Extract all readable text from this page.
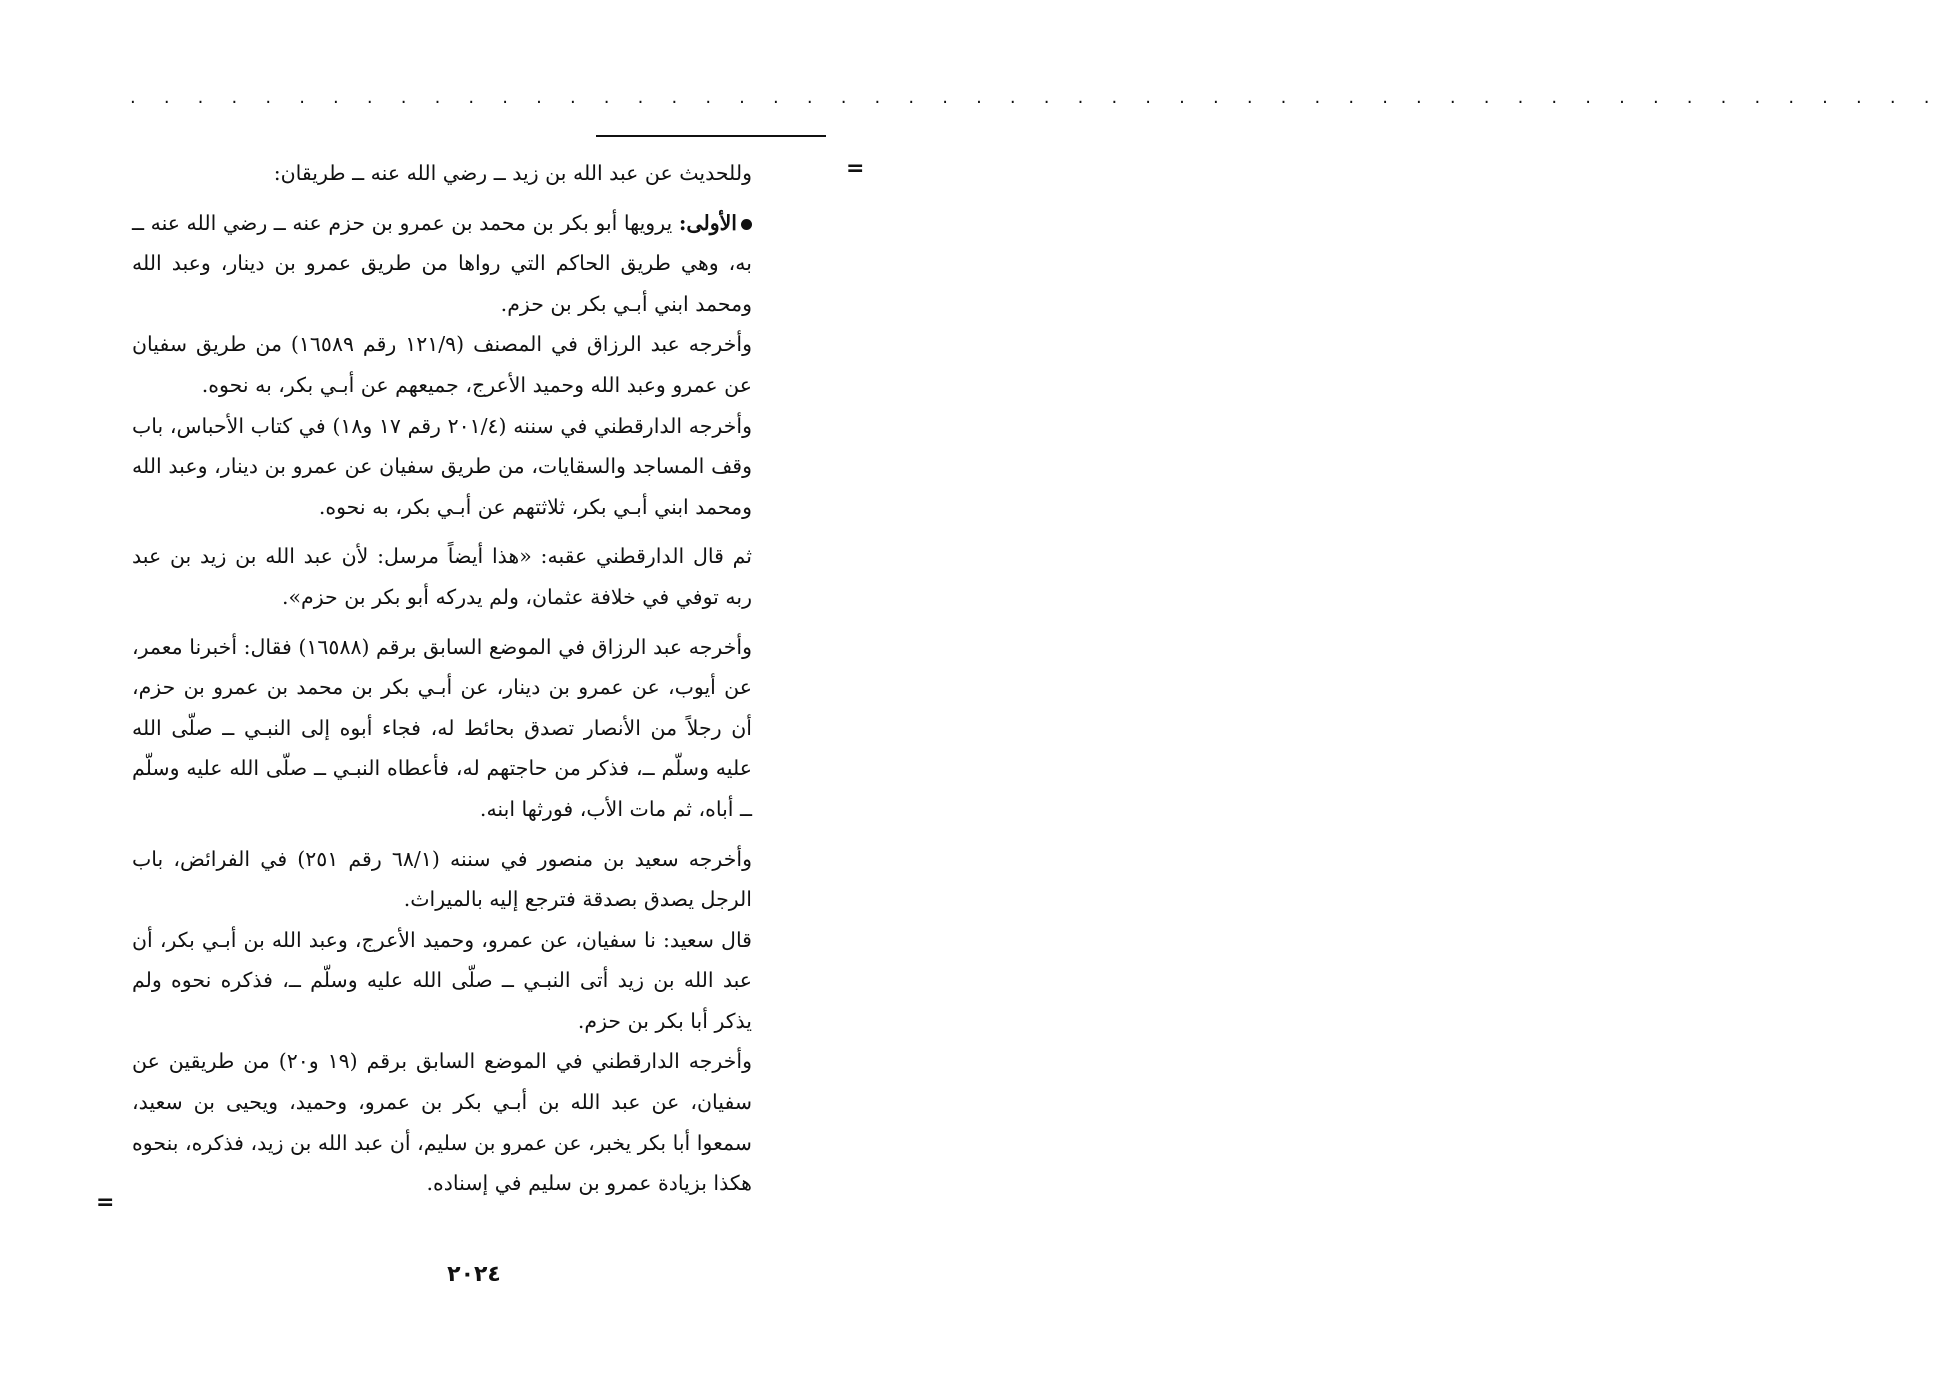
. . . . . . . . . . . . . . . . . . . . . . . . . . . . . . . . . . . . . . . . . . . . . . . . . . . . . .
=

وللحديث عن عبد الله بن زيد ــ رضي الله عنه ــ طريقان:

الأولى: يرويها أبو بكر بن محمد بن عمرو بن حزم عنه ــ رضي الله عنه ــ به، وهي طريق الحاكم التي رواها من طريق عمرو بن دينار، وعبد الله ومحمد ابني أبـي بكر بن حزم.

وأخرجه عبد الرزاق في المصنف (١٢١/٩ رقم ١٦٥٨٩) من طريق سفيان عن عمرو وعبد الله وحميد الأعرج، جميعهم عن أبـي بكر، به نحوه.

وأخرجه الدارقطني في سننه (٢٠١/٤ رقم ١٧ و١٨) في كتاب الأحباس، باب وقف المساجد والسقايات، من طريق سفيان عن عمرو بن دينار، وعبد الله ومحمد ابني أبـي بكر، ثلاثتهم عن أبـي بكر، به نحوه.

ثم قال الدارقطني عقبه: «هذا أيضاً مرسل: لأن عبد الله بن زيد بن عبد ربه توفي في خلافة عثمان، ولم يدركه أبو بكر بن حزم».

وأخرجه عبد الرزاق في الموضع السابق برقم (١٦٥٨٨) فقال: أخبرنا معمر، عن أيوب، عن عمرو بن دينار، عن أبـي بكر بن محمد بن عمرو بن حزم، أن رجلاً من الأنصار تصدق بحائط له، فجاء أبوه إلى النبـي ــ صلّى الله عليه وسلّم ــ، فذكر من حاجتهم له، فأعطاه النبـي ــ صلّى الله عليه وسلّم ــ أباه، ثم مات الأب، فورثها ابنه.

وأخرجه سعيد بن منصور في سننه (٦٨/١ رقم ٢٥١) في الفرائض، باب الرجل يصدق بصدقة فترجع إليه بالميراث.

قال سعيد: نا سفيان، عن عمرو، وحميد الأعرج، وعبد الله بن أبـي بكر، أن عبد الله بن زيد أتى النبـي ــ صلّى الله عليه وسلّم ــ، فذكره نحوه ولم يذكر أبا بكر بن حزم.

وأخرجه الدارقطني في الموضع السابق برقم (١٩ و٢٠) من طريقين عن سفيان، عن عبد الله بن أبـي بكر بن عمرو، وحميد، ويحيى بن سعيد، سمعوا أبا بكر يخبر، عن عمرو بن سليم، أن عبد الله بن زيد، فذكره، بنحوه هكذا بزيادة عمرو بن سليم في إسناده.

=
٢٠٢٤
